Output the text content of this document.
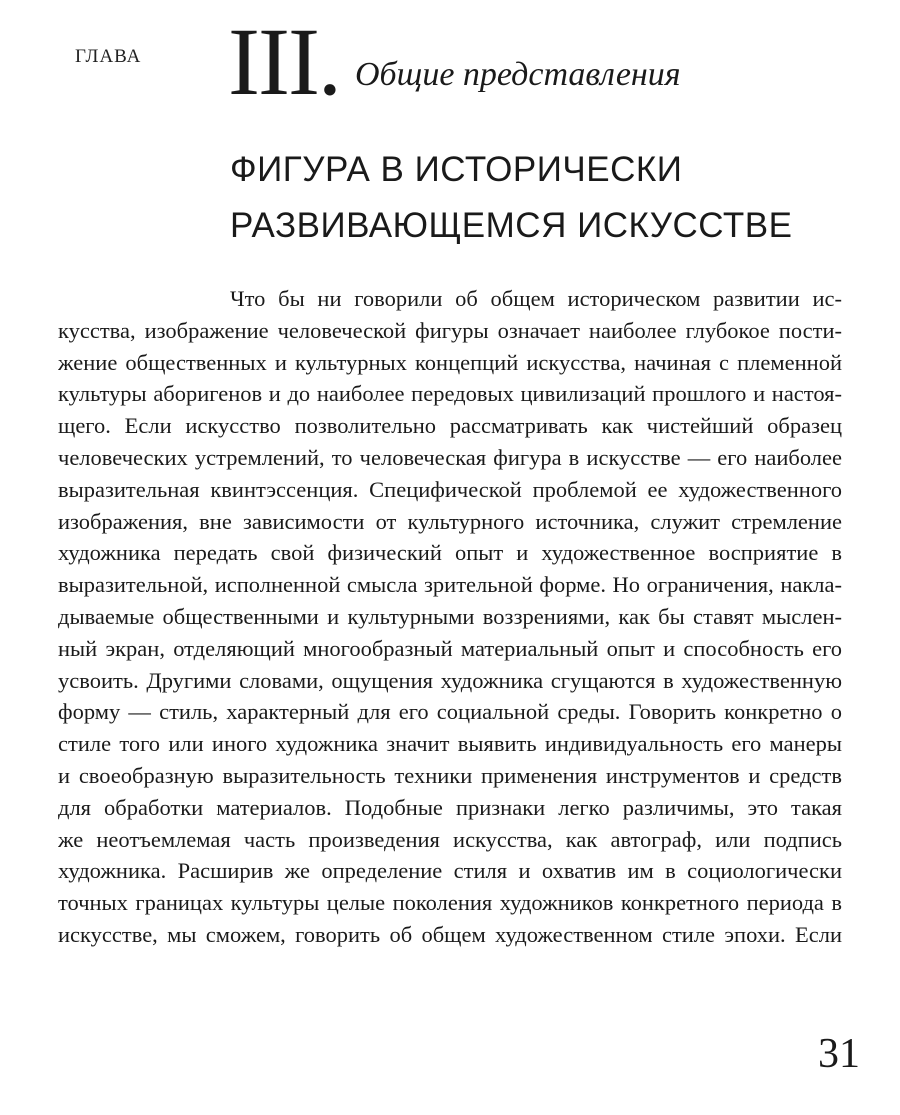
ГЛАВА III. Общие представления
ФИГУРА В ИСТОРИЧЕСКИ
РАЗВИВАЮЩЕМСЯ ИСКУССТВЕ
Что бы ни говорили об общем историческом развитии ис-
кусства, изображение человеческой фигуры означает наиболее глубокое пости-
жение общественных и культурных концепций искусства, начиная с племенной
культуры аборигенов и до наиболее передовых цивилизаций прошлого и настоя-
щего. Если искусство позволительно рассматривать как чистейший образец
человеческих устремлений, то человеческая фигура в искусстве — его наиболее
выразительная квинтэссенция. Специфической проблемой ее художественного
изображения, вне зависимости от культурного источника, служит стремление
художника передать свой физический опыт и художественное восприятие в
выразительной, исполненной смысла зрительной форме. Но ограничения, накла-
дываемые общественными и культурными воззрениями, как бы ставят мыслен-
ный экран, отделяющий многообразный материальный опыт и способность его
усвоить. Другими словами, ощущения художника сгущаются в художественную
форму — стиль, характерный для его социальной среды. Говорить конкретно о
стиле того или иного художника значит выявить индивидуальность его манеры
и своеобразную выразительность техники применения инструментов и средств
для обработки материалов. Подобные признаки легко различимы, это такая
же неотъемлемая часть произведения искусства, как автограф, или подпись
художника. Расширив же определение стиля и охватив им в социологически
точных границах культуры целые поколения художников конкретного периода в
искусстве, мы сможем, говорить об общем художественном стиле эпохи. Если
31
